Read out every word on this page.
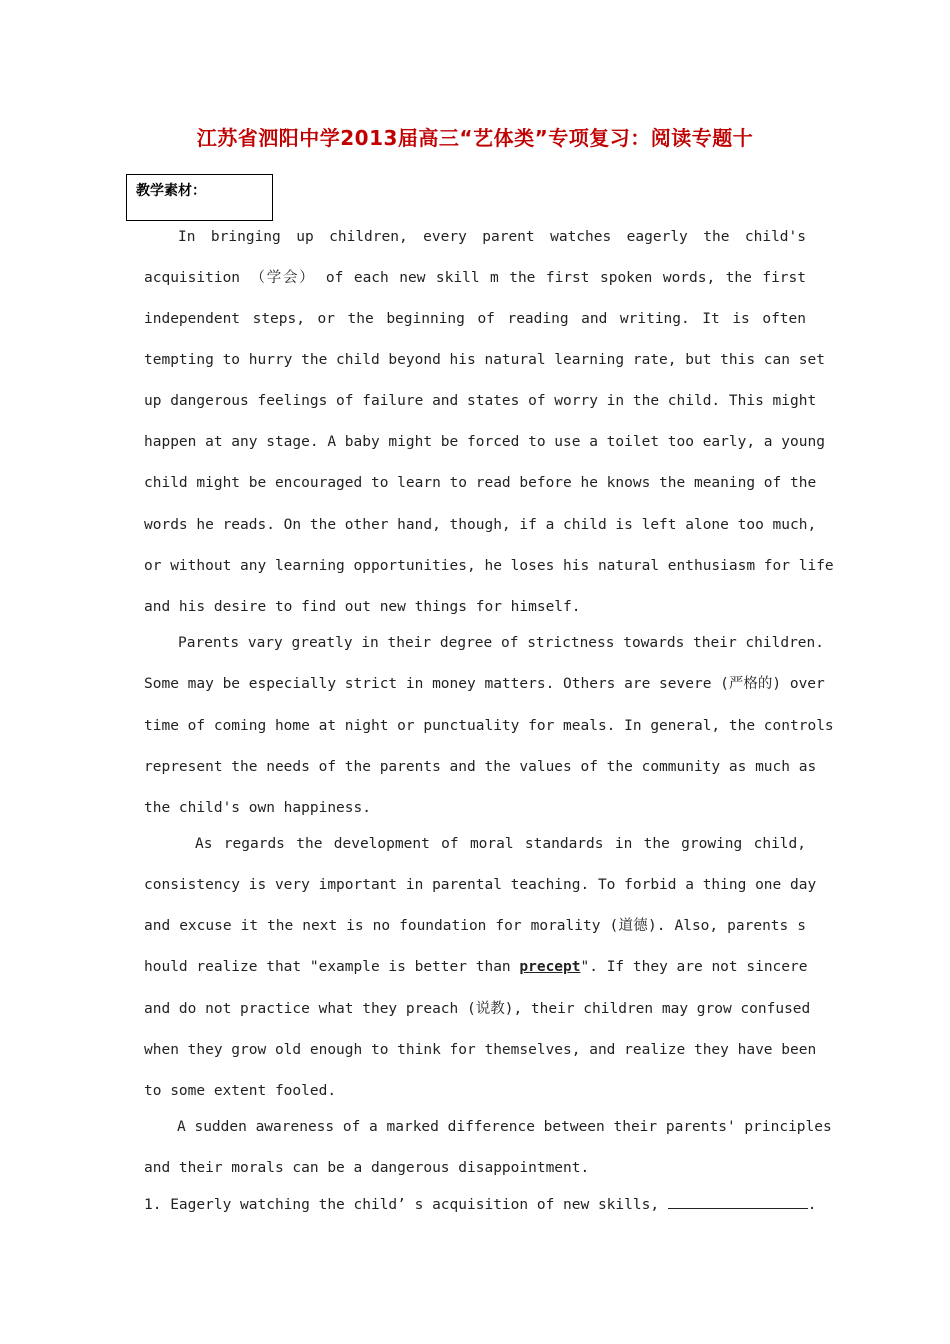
江苏省泗阳中学2013届高三“艺体类”专项复习：阅读专题十
教学素材：
In bringing up children, every parent watches eagerly the child's
acquisition （学会） of each new skill m the first spoken words, the first
independent steps, or the beginning of reading and writing. It is often
tempting to hurry the child beyond his natural learning rate, but this can set
up dangerous feelings of failure and states of worry in the child. This might
happen at any stage. A baby might be forced to use a toilet too early, a young
child might be encouraged to learn to read before he knows the meaning of the
words he reads. On the other hand, though, if a child is left alone too much,
or without any learning opportunities, he loses his natural enthusiasm for life
and his desire to find out new things for himself.
Parents vary greatly in their degree of strictness towards their children.
Some may be especially strict in money matters. Others are severe (严格的) over
time of coming home at night or punctuality for meals. In general, the controls
represent the needs of the parents and the values of the community as much as
the child's own happiness.
As regards the development of moral standards in the growing child,
consistency is very important in parental teaching. To forbid a thing one day
and excuse it the next is no foundation for morality (道德). Also, parents s
hould realize that "example is better than precept". If they are not sincere
and do not practice what they preach (说教), their children may grow confused
when they grow old enough to think for themselves, and realize they have been
to some extent fooled.
A sudden awareness of a marked difference between their parents' principles
and their morals can be a dangerous disappointment.
1. Eagerly watching the child’ s acquisition of new skills,	.
